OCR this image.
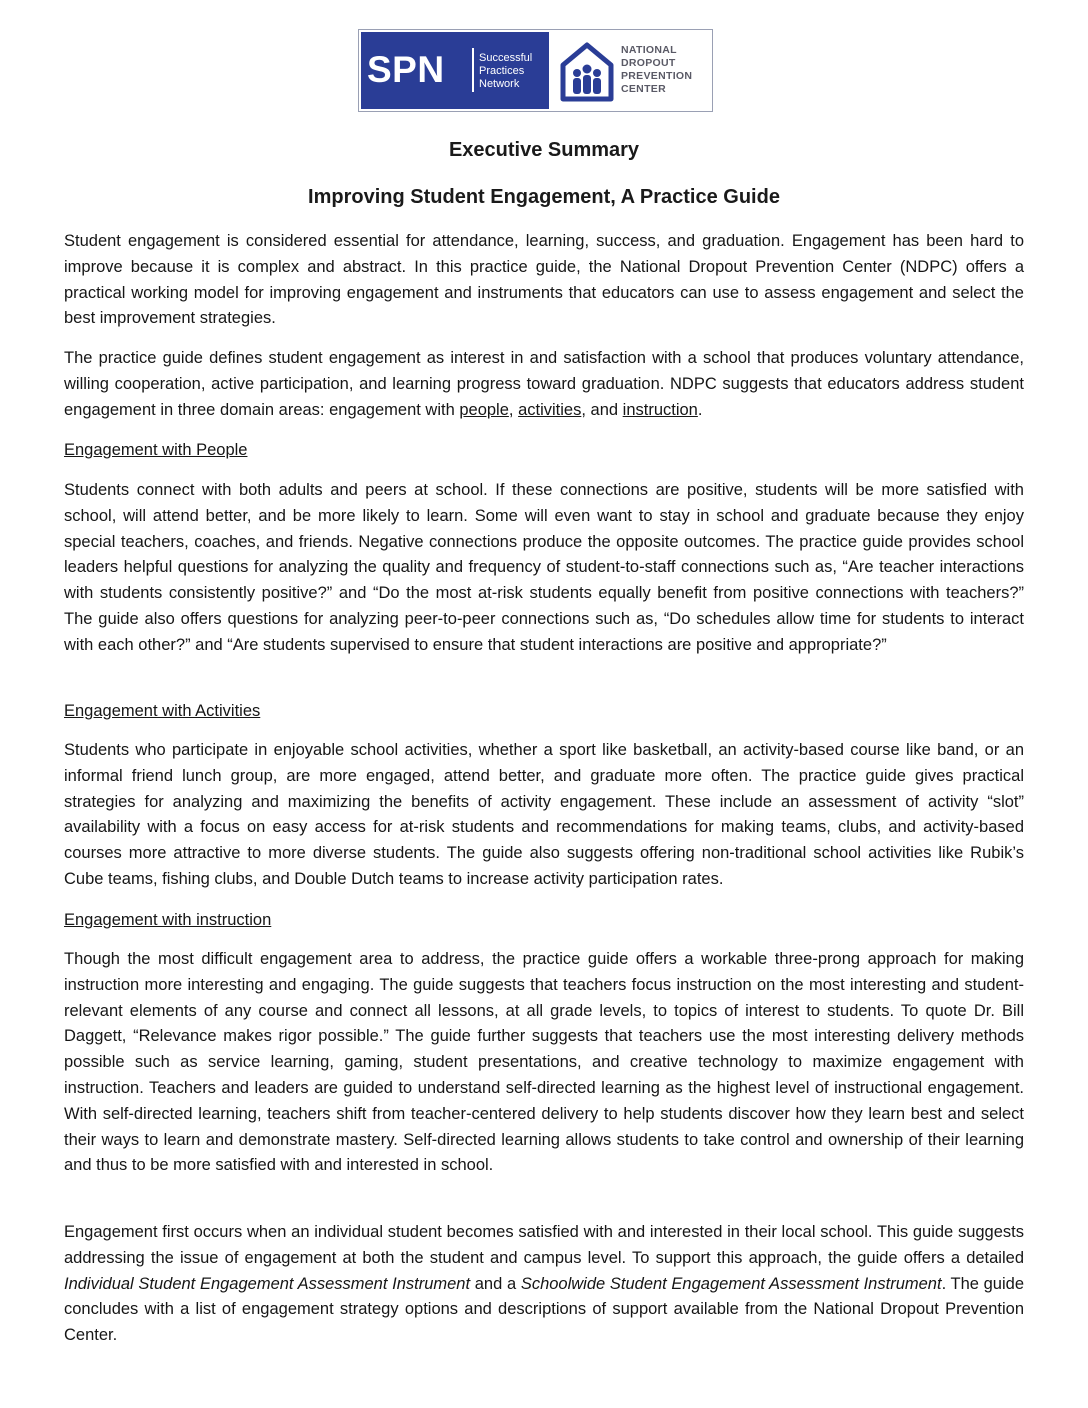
SPN	Successful
Practices
Network
NATIONAL
DROPOUT
PREVENTION
CENTER
Executive Summary
Improving Student Engagement, A Practice Guide
Student engagement is considered essential for attendance, learning, success, and graduation. Engagement has been hard to improve because it is complex and abstract. In this practice guide, the National Dropout Prevention Center (NDPC) offers a practical working model for improving engagement and instruments that educators can use to assess engagement and select the best improvement strategies.
The practice guide defines student engagement as interest in and satisfaction with a school that produces voluntary attendance, willing cooperation, active participation, and learning progress toward graduation. NDPC suggests that educators address student engagement in three domain areas: engagement with people, activities, and instruction.
Engagement with People
Students connect with both adults and peers at school. If these connections are positive, students will be more satisfied with school, will attend better, and be more likely to learn. Some will even want to stay in school and graduate because they enjoy special teachers, coaches, and friends. Negative connections produce the opposite outcomes. The practice guide provides school leaders helpful questions for analyzing the quality and frequency of student-to-staff connections such as, “Are teacher interactions with students consistently positive?” and “Do the most at-risk students equally benefit from positive connections with teachers?” The guide also offers questions for analyzing peer-to-peer connections such as, “Do schedules allow time for students to interact with each other?” and “Are students supervised to ensure that student interactions are positive and appropriate?”
Engagement with Activities
Students who participate in enjoyable school activities, whether a sport like basketball, an activity-based course like band, or an informal friend lunch group, are more engaged, attend better, and graduate more often. The practice guide gives practical strategies for analyzing and maximizing the benefits of activity engagement. These include an assessment of activity “slot” availability with a focus on easy access for at-risk students and recommendations for making teams, clubs, and activity-based courses more attractive to more diverse students. The guide also suggests offering non-traditional school activities like Rubik’s Cube teams, fishing clubs, and Double Dutch teams to increase activity participation rates.
Engagement with instruction
Though the most difficult engagement area to address, the practice guide offers a workable three-prong approach for making instruction more interesting and engaging. The guide suggests that teachers focus instruction on the most interesting and student-relevant elements of any course and connect all lessons, at all grade levels, to topics of interest to students. To quote Dr. Bill Daggett, “Relevance makes rigor possible.” The guide further suggests that teachers use the most interesting delivery methods possible such as service learning, gaming, student presentations, and creative technology to maximize engagement with instruction. Teachers and leaders are guided to understand self-directed learning as the highest level of instructional engagement. With self-directed learning, teachers shift from teacher-centered delivery to help students discover how they learn best and select their ways to learn and demonstrate mastery. Self-directed learning allows students to take control and ownership of their learning and thus to be more satisfied with and interested in school.
Engagement first occurs when an individual student becomes satisfied with and interested in their local school. This guide suggests addressing the issue of engagement at both the student and campus level. To support this approach, the guide offers a detailed Individual Student Engagement Assessment Instrument and a Schoolwide Student Engagement Assessment Instrument. The guide concludes with a list of engagement strategy options and descriptions of support available from the National Dropout Prevention Center.
